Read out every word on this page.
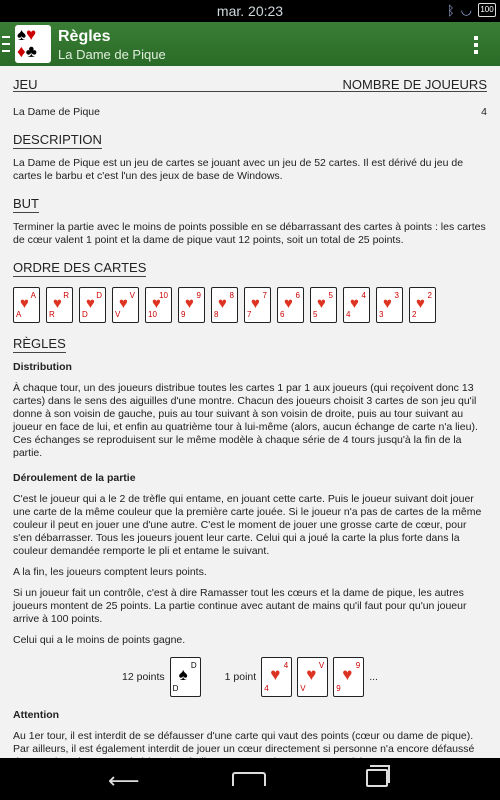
mar. 20:23	ᛒ ◡ 100
♠♥
♦♣
Règles
La Dame de Pique
JEU	NOMBRE DE JOUEURS
La Dame de Pique	4
DESCRIPTION

La Dame de Pique est un jeu de cartes se jouant avec un jeu de 52 cartes. Il est dérivé du jeu de cartes le barbu et c'est l'un des jeux de base de Windows.

BUT

Terminer la partie avec le moins de points possible en se débarrassant des cartes à points : les cartes de cœur valent 1 point et la dame de pique vaut 12 points, soit un total de 25 points.

ORDRE DES CARTES
A
♥
A
R
♥
R
D
♥
D
V
♥
V
10
♥
10
9
♥
9
8
♥
8
7
♥
7
6
♥
6
5
♥
5
4
♥
4
3
♥
3
2
♥
2
RÈGLES

Distribution

À chaque tour, un des joueurs distribue toutes les cartes 1 par 1 aux joueurs (qui reçoivent donc 13 cartes) dans le sens des aiguilles d'une montre. Chacun des joueurs choisit 3 cartes de son jeu qu'il donne à son voisin de gauche, puis au tour suivant à son voisin de droite, puis au tour suivant au joueur en face de lui, et enfin au quatrième tour à lui-même (alors, aucun échange de carte n'a lieu). Ces échanges se reproduisent sur le même modèle à chaque série de 4 tours jusqu'à la fin de la partie.

Déroulement de la partie

C'est le joueur qui a le 2 de trèfle qui entame, en jouant cette carte. Puis le joueur suivant doit jouer une carte de la même couleur que la première carte jouée. Si le joueur n'a pas de cartes de la même couleur il peut en jouer une d'une autre. C'est le moment de jouer une grosse carte de cœur, pour s'en débarrasser. Tous les joueurs jouent leur carte. Celui qui a joué la carte la plus forte dans la couleur demandée remporte le pli et entame le suivant.

A la fin, les joueurs comptent leurs points.

Si un joueur fait un contrôle, c'est à dire Ramasser tout les cœurs et la dame de pique, les autres joueurs montent de 25 points. La partie continue avec autant de mains qu'il faut pour qu'un joueur arrive à 100 points.

Celui qui a le moins de points gagne.

12 points
D
♠
D
1 point
4
♥
4
V
♥
V
9
♥
9
...

Attention

Au 1er tour, il est interdit de se défausser d'une carte qui vaut des points (cœur ou dame de pique). Par ailleurs, il est également interdit de jouer un cœur directement si personne n'a encore défaussé

⟵
